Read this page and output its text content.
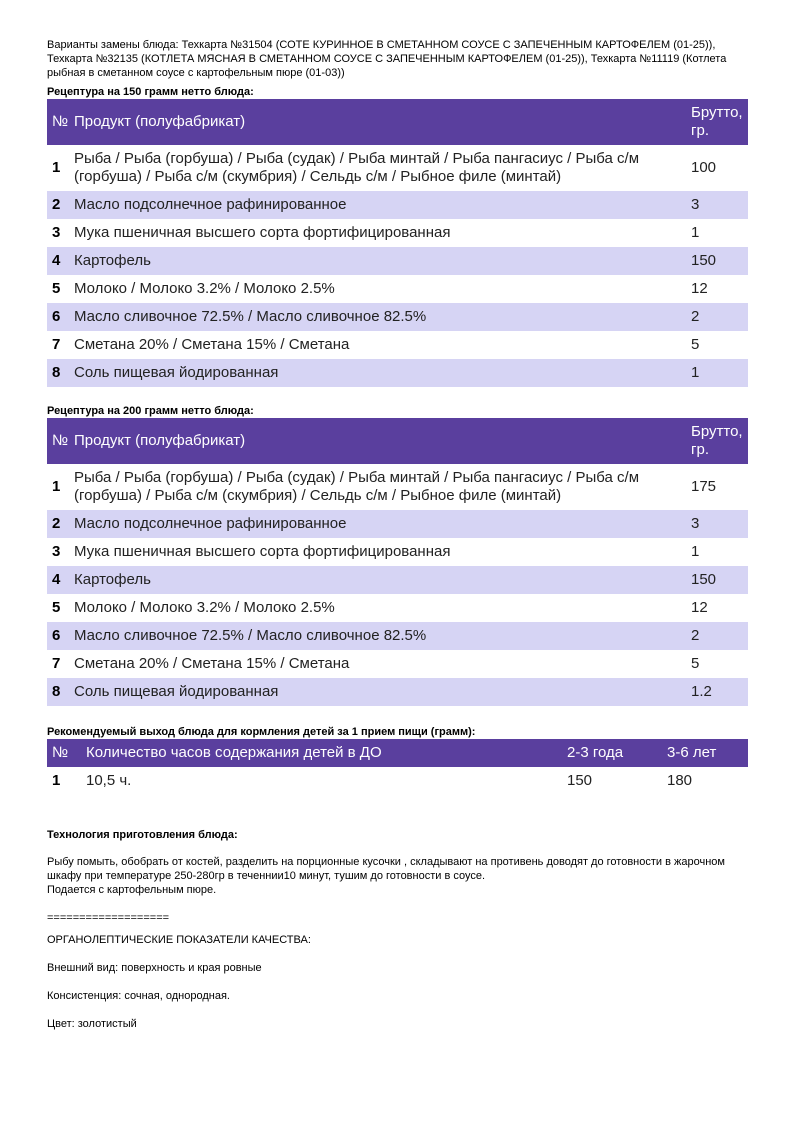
Варианты замены блюда: Техкарта №31504 (СОТЕ КУРИННОЕ В СМЕТАННОМ СОУСЕ С ЗАПЕЧЕННЫМ КАРТОФЕЛЕМ (01-25)), Техкарта №32135 (КОТЛЕТА МЯСНАЯ В СМЕТАННОМ СОУСЕ С ЗАПЕЧЕННЫМ КАРТОФЕЛЕМ (01-25)), Техкарта №11119 (Котлета рыбная в сметанном соусе с картофельным пюре (01-03))

Рецептура на 150 грамм нетто блюда:

№	Продукт (полуфабрикат)	Брутто, гр.
1	Рыба / Рыба (горбуша) / Рыба (судак) / Рыба минтай / Рыба пангасиус / Рыба с/м (горбуша) / Рыба с/м (скумбрия) / Сельдь с/м / Рыбное филе (минтай)	100
2	Масло подсолнечное рафинированное	3
3	Мука пшеничная высшего сорта фортифицированная	1
4	Картофель	150
5	Молоко / Молоко 3.2% / Молоко 2.5%	12
6	Масло сливочное 72.5% / Масло сливочное 82.5%	2
7	Сметана 20% / Сметана 15% / Сметана	5
8	Соль пищевая йодированная	1

Рецептура на 200 грамм нетто блюда:

№	Продукт (полуфабрикат)	Брутто, гр.
1	Рыба / Рыба (горбуша) / Рыба (судак) / Рыба минтай / Рыба пангасиус / Рыба с/м (горбуша) / Рыба с/м (скумбрия) / Сельдь с/м / Рыбное филе (минтай)	175
2	Масло подсолнечное рафинированное	3
3	Мука пшеничная высшего сорта фортифицированная	1
4	Картофель	150
5	Молоко / Молоко 3.2% / Молоко 2.5%	12
6	Масло сливочное 72.5% / Масло сливочное 82.5%	2
7	Сметана 20% / Сметана 15% / Сметана	5
8	Соль пищевая йодированная	1.2

Рекомендуемый выход блюда для кормления детей за 1 прием пищи (грамм):

№	Количество часов содержания детей в ДО	2-3 года	3-6 лет
1	10,5 ч.	150	180

Технология приготовления блюда:

Рыбу помыть, обобрать от костей, разделить на порционные кусочки , складывают на противень доводят до готовности в жарочном шкафу при температуре 250-280гр в теченнии10 минут, тушим до готовности в соусе.

Подается с картофельным пюре.

===================

ОРГАНОЛЕПТИЧЕСКИЕ ПОКАЗАТЕЛИ КАЧЕСТВА:

Внешний вид: поверхность и края ровные

Консистенция: сочная, однородная.

Цвет: золотистый
